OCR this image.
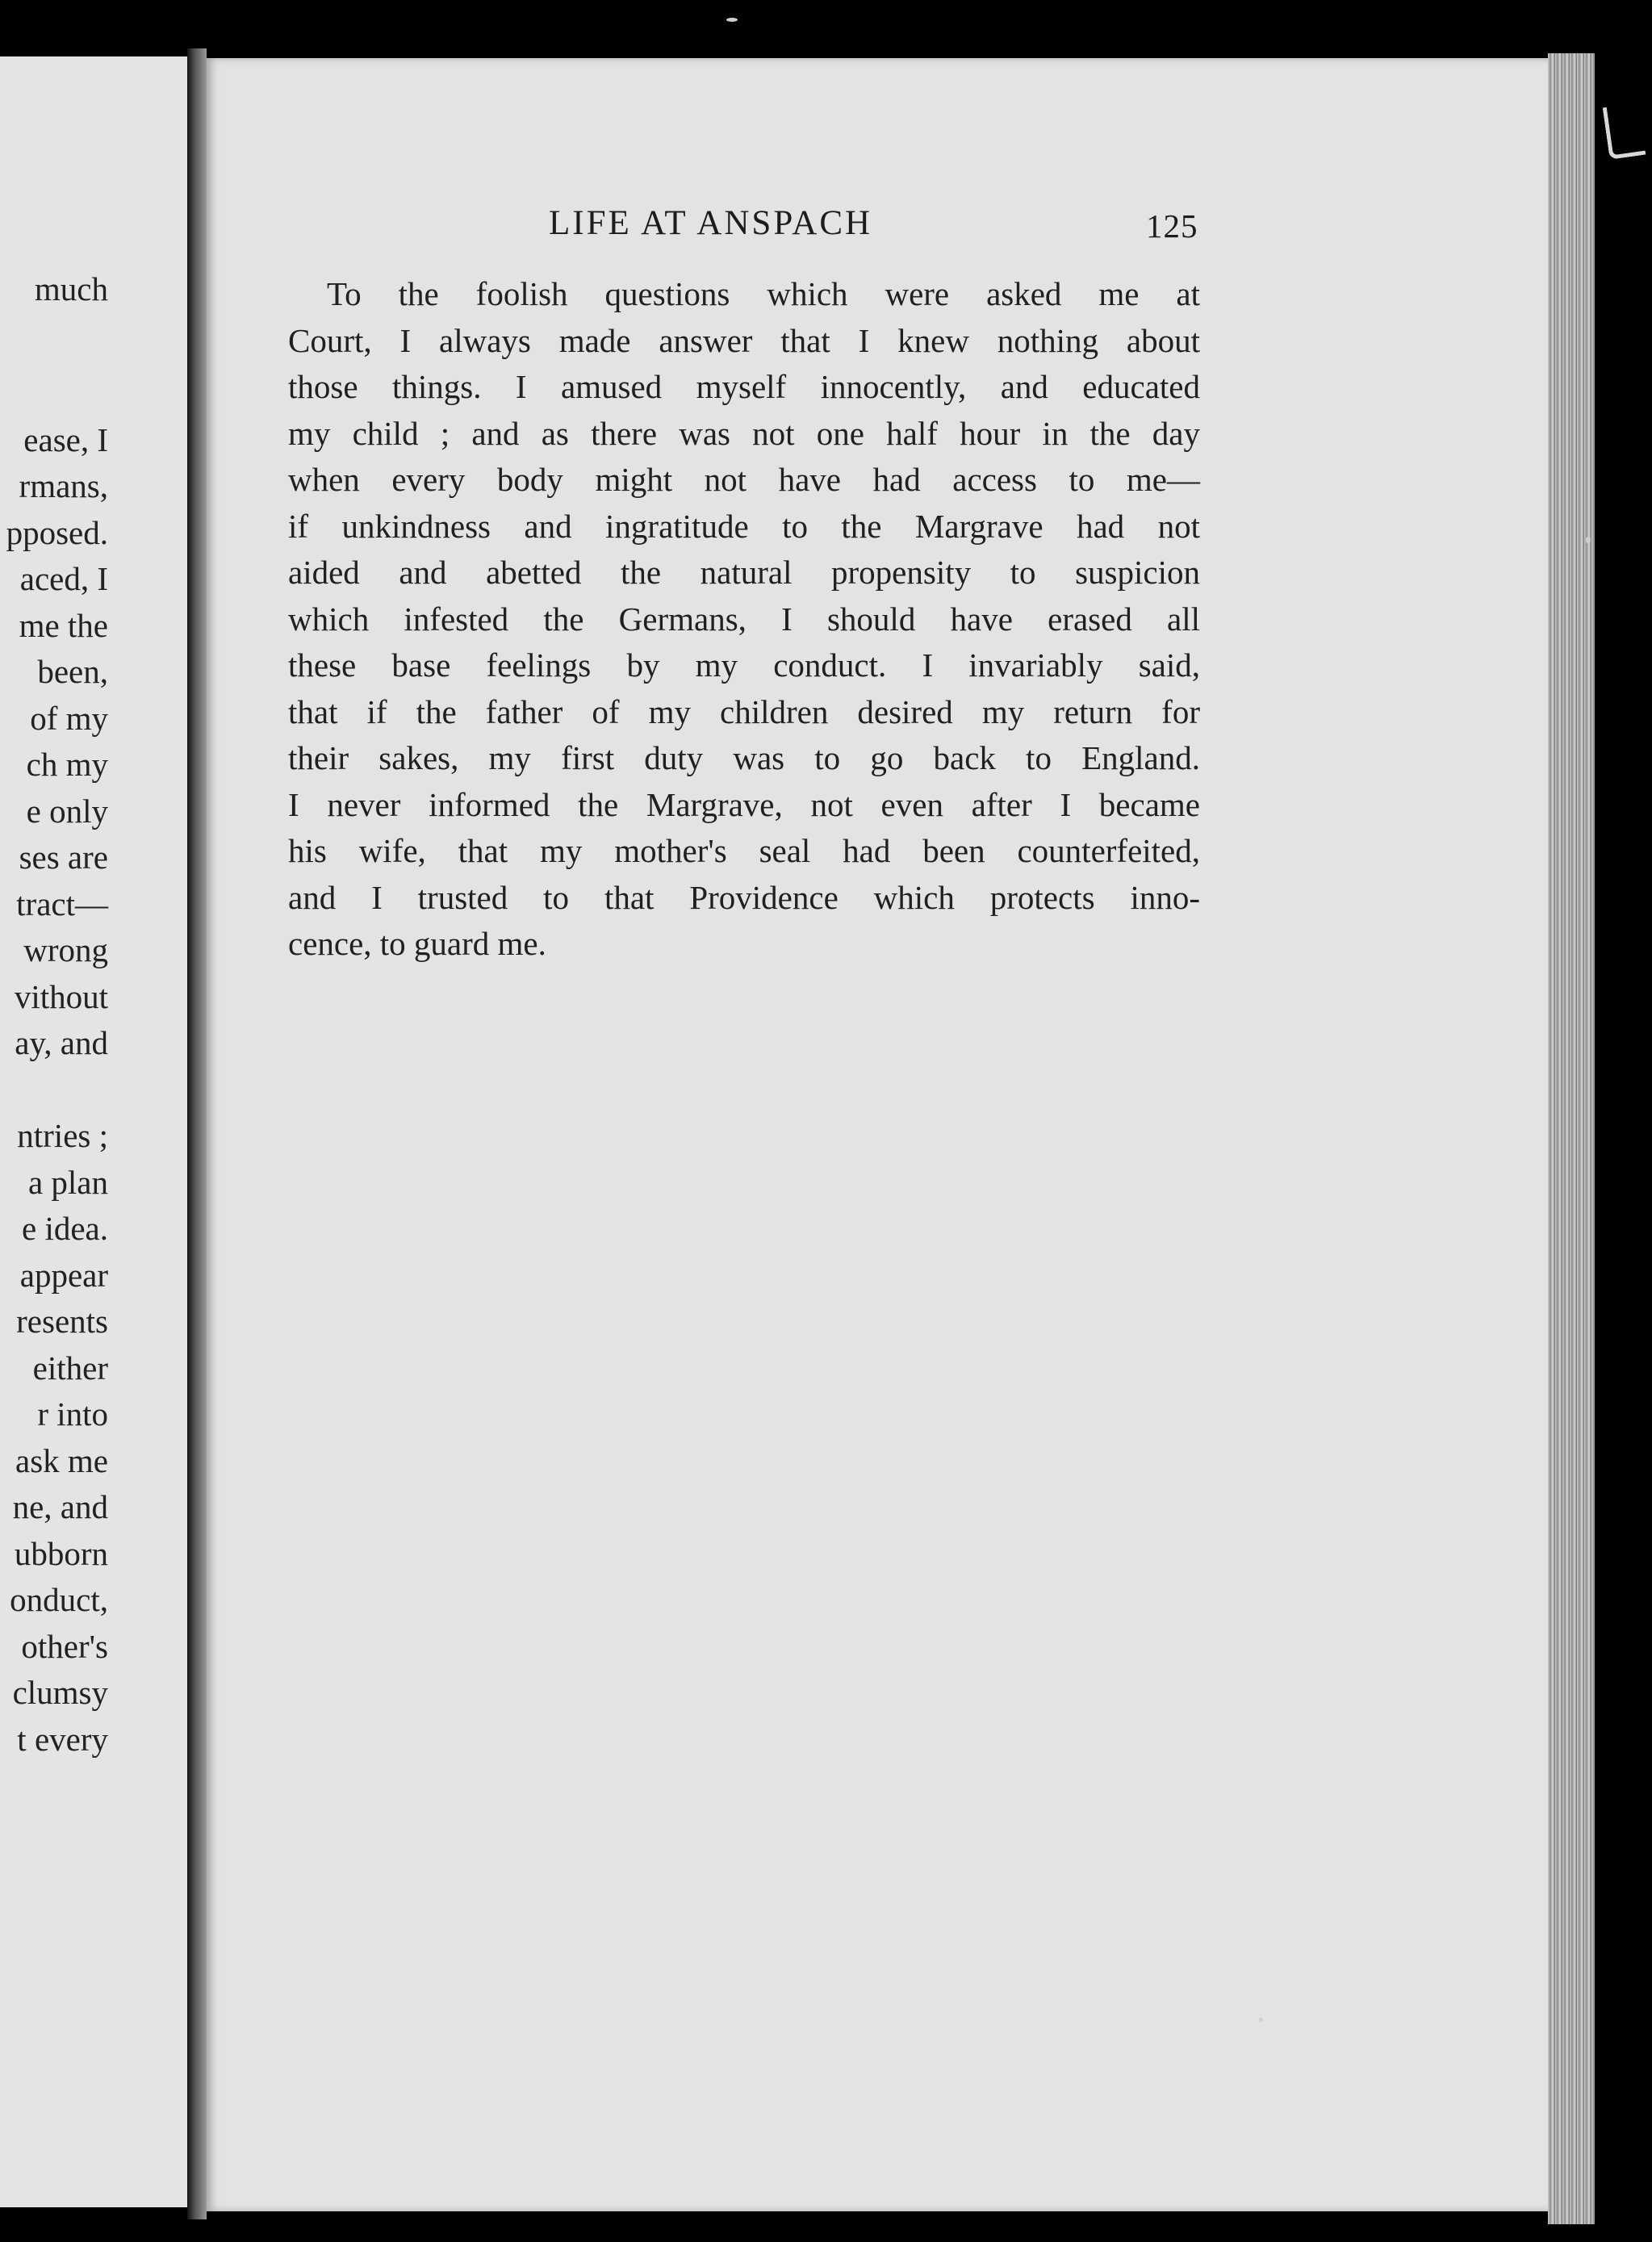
much
ease, I
rmans,
pposed.
aced, I
me the
been,
of my
ch my
e only
ses are
tract—
wrong
vithout
ay, and
ntries ;
a plan
e idea.
appear
resents
either
r into
ask me
ne, and
ubborn
onduct,
other's
clumsy
t every
LIFE AT ANSPACH	125
To the foolish questions which were asked me at
Court, I always made answer that I knew nothing about
those things. I amused myself innocently, and educated
my child ; and as there was not one half hour in the day
when every body might not have had access to me—
if unkindness and ingratitude to the Margrave had not
aided and abetted the natural propensity to suspicion
which infested the Germans, I should have erased all
these base feelings by my conduct. I invariably said,
that if the father of my children desired my return for
their sakes, my first duty was to go back to England.
I never informed the Margrave, not even after I became
his wife, that my mother's seal had been counterfeited,
and I trusted to that Providence which protects inno-
cence, to guard me.
